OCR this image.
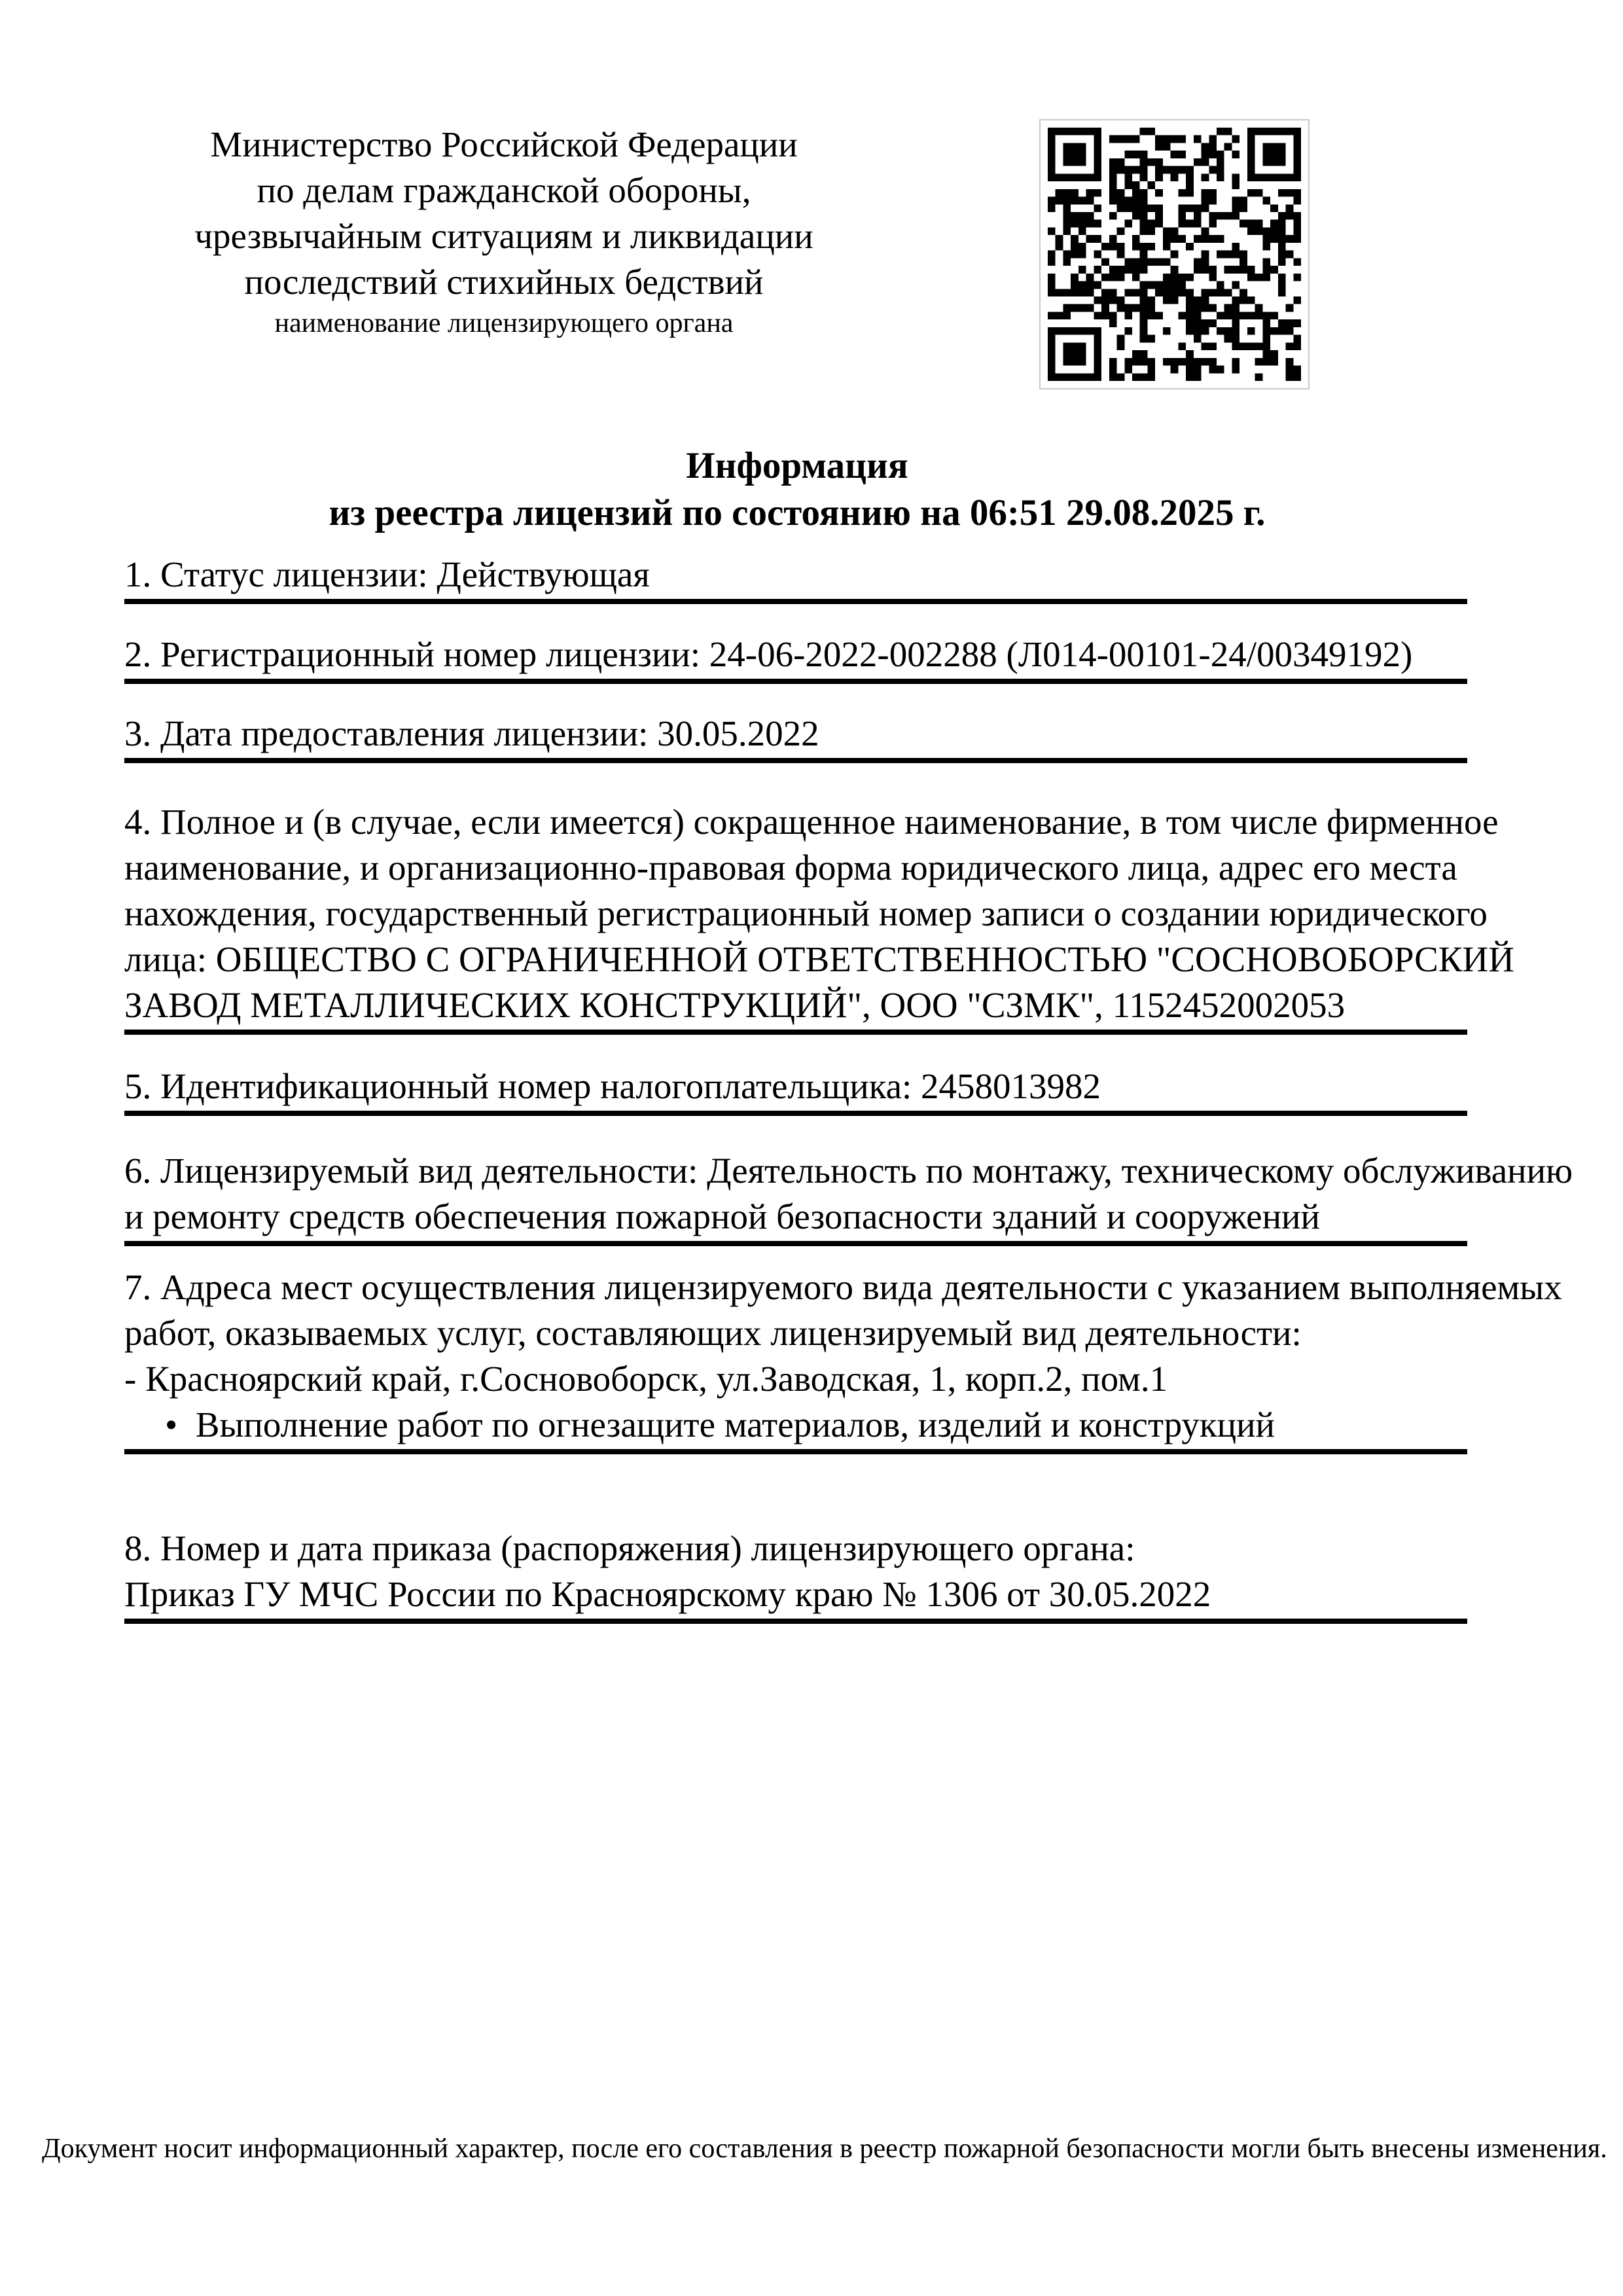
Министерство Российской Федерации
по делам гражданской обороны,
чрезвычайным ситуациям и ликвидации
последствий стихийных бедствий
наименование лицензирующего органа
Информация
из реестра лицензий по состоянию на 06:51 29.08.2025 г.
1. Статус лицензии: Действующая
2. Регистрационный номер лицензии: 24-06-2022-002288 (Л014-00101-24/00349192)
3. Дата предоставления лицензии: 30.05.2022
4. Полное и (в случае, если имеется) сокращенное наименование, в том числе фирменное
наименование, и организационно-правовая форма юридического лица, адрес его места
нахождения, государственный регистрационный номер записи о создании юридического
лица: ОБЩЕСТВО С ОГРАНИЧЕННОЙ ОТВЕТСТВЕННОСТЬЮ "СОСНОВОБОРСКИЙ
ЗАВОД МЕТАЛЛИЧЕСКИХ КОНСТРУКЦИЙ", ООО "СЗМК", 1152452002053
5. Идентификационный номер налогоплательщика: 2458013982
6. Лицензируемый вид деятельности: Деятельность по монтажу, техническому обслуживанию
и ремонту средств обеспечения пожарной безопасности зданий и сооружений
7. Адреса мест осуществления лицензируемого вида деятельности с указанием выполняемых
работ, оказываемых услуг, составляющих лицензируемый вид деятельности:
- Красноярский край, г.Сосновоборск, ул.Заводская, 1, корп.2, пом.1
•  Выполнение работ по огнезащите материалов, изделий и конструкций
8. Номер и дата приказа (распоряжения) лицензирующего органа:
Приказ ГУ МЧС России по Красноярскому краю № 1306 от 30.05.2022
Документ носит информационный характер, после его составления в реестр пожарной безопасности могли быть внесены изменения.
